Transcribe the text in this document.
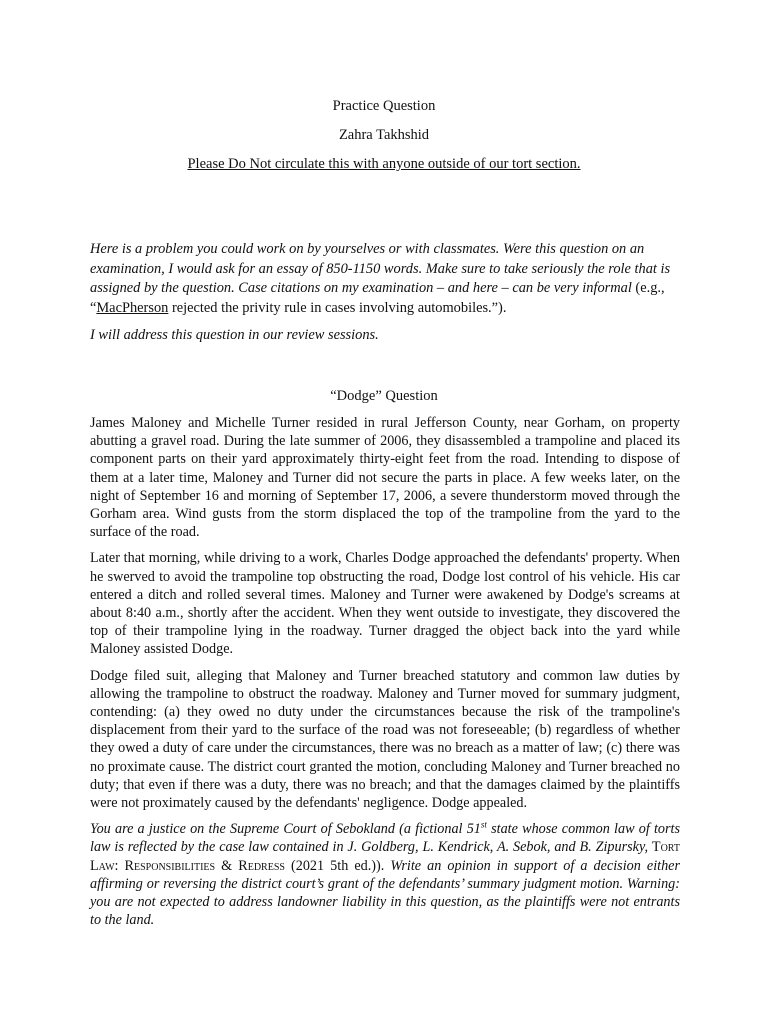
Practice Question

Zahra Takhshid

Please Do Not circulate this with anyone outside of our tort section.

Here is a problem you could work on by yourselves or with classmates. Were this question on an examination, I would ask for an essay of 850-1150 words. Make sure to take seriously the role that is assigned by the question. Case citations on my examination – and here – can be very informal (e.g., “MacPherson rejected the privity rule in cases involving automobiles.”).

I will address this question in our review sessions.

“Dodge” Question

James Maloney and Michelle Turner resided in rural Jefferson County, near Gorham, on property abutting a gravel road. During the late summer of 2006, they disassembled a trampoline and placed its component parts on their yard approximately thirty-eight feet from the road. Intending to dispose of them at a later time, Maloney and Turner did not secure the parts in place. A few weeks later, on the night of September 16 and morning of September 17, 2006, a severe thunderstorm moved through the Gorham area. Wind gusts from the storm displaced the top of the trampoline from the yard to the surface of the road.

Later that morning, while driving to a work, Charles Dodge approached the defendants' property. When he swerved to avoid the trampoline top obstructing the road, Dodge lost control of his vehicle. His car entered a ditch and rolled several times. Maloney and Turner were awakened by Dodge's screams at about 8:40 a.m., shortly after the accident. When they went outside to investigate, they discovered the top of their trampoline lying in the roadway. Turner dragged the object back into the yard while Maloney assisted Dodge.

Dodge filed suit, alleging that Maloney and Turner breached statutory and common law duties by allowing the trampoline to obstruct the roadway. Maloney and Turner moved for summary judgment, contending: (a) they owed no duty under the circumstances because the risk of the trampoline's displacement from their yard to the surface of the road was not foreseeable; (b) regardless of whether they owed a duty of care under the circumstances, there was no breach as a matter of law; (c) there was no proximate cause. The district court granted the motion, concluding Maloney and Turner breached no duty; that even if there was a duty, there was no breach; and that the damages claimed by the plaintiffs were not proximately caused by the defendants' negligence. Dodge appealed.

You are a justice on the Supreme Court of Sebokland (a fictional 51st state whose common law of torts law is reflected by the case law contained in J. Goldberg, L. Kendrick, A. Sebok, and B. Zipursky, Tort Law: Responsibilities & Redress (2021 5th ed.)). Write an opinion in support of a decision either affirming or reversing the district court’s grant of the defendants’ summary judgment motion. Warning: you are not expected to address landowner liability in this question, as the plaintiffs were not entrants to the land.
